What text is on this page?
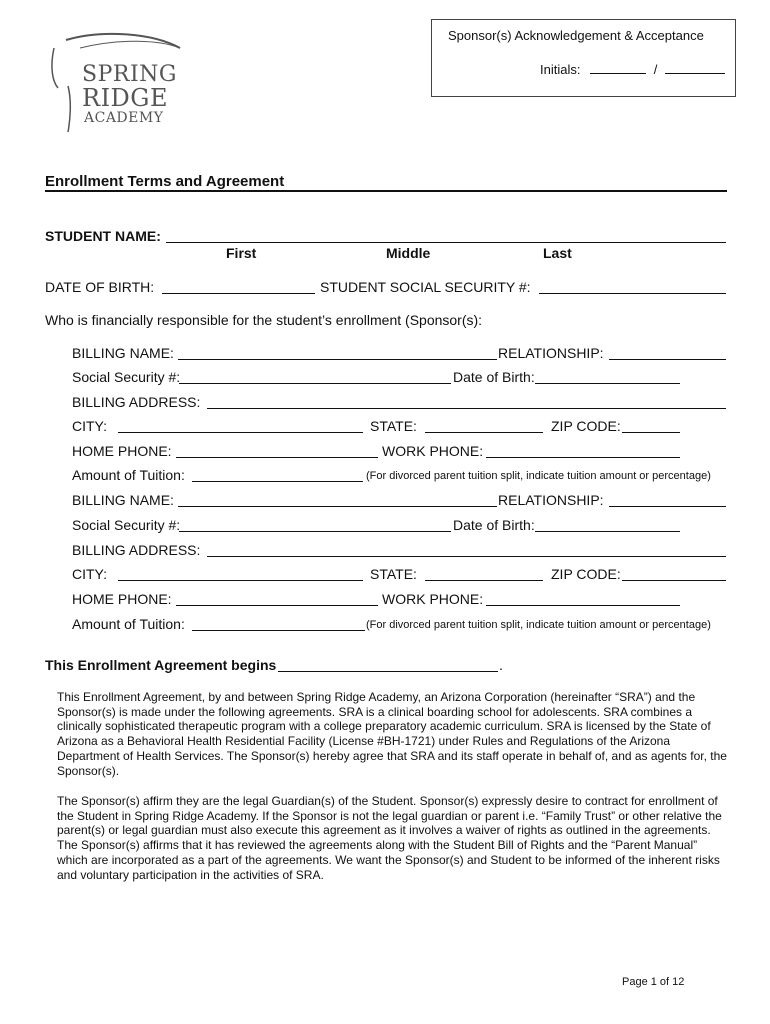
SPRING
RIDGE
ACADEMY
Sponsor(s) Acknowledgement & Acceptance
Initials:	/
Enrollment Terms and Agreement
STUDENT NAME:
First	Middle	Last
DATE OF BIRTH:	STUDENT SOCIAL SECURITY #:
Who is financially responsible for the student’s enrollment (Sponsor(s):
BILLING NAME:	RELATIONSHIP:
Social Security #:	Date of Birth:
BILLING ADDRESS:
CITY:	STATE:	ZIP CODE:
HOME PHONE:	WORK PHONE:
Amount of Tuition:	(For divorced parent tuition split, indicate tuition amount or percentage)
BILLING NAME:	RELATIONSHIP:
Social Security #:	Date of Birth:
BILLING ADDRESS:
CITY:	STATE:	ZIP CODE:
HOME PHONE:	WORK PHONE:
Amount of Tuition:	(For divorced parent tuition split, indicate tuition amount or percentage)
This Enrollment Agreement begins	.
This Enrollment Agreement, by and between Spring Ridge Academy, an Arizona Corporation (hereinafter “SRA”) and the Sponsor(s) is made under the following agreements. SRA is a clinical boarding school for adolescents. SRA combines a clinically sophisticated therapeutic program with a college preparatory academic curriculum. SRA is licensed by the State of Arizona as a Behavioral Health Residential Facility (License #BH-1721) under Rules and Regulations of the Arizona Department of Health Services. The Sponsor(s) hereby agree that SRA and its staff operate in behalf of, and as agents for, the Sponsor(s).
The Sponsor(s) affirm they are the legal Guardian(s) of the Student. Sponsor(s) expressly desire to contract for enrollment of the Student in Spring Ridge Academy. If the Sponsor is not the legal guardian or parent i.e. “Family Trust” or other relative the parent(s) or legal guardian must also execute this agreement as it involves a waiver of rights as outlined in the agreements. The Sponsor(s) affirms that it has reviewed the agreements along with the Student Bill of Rights and the “Parent Manual” which are incorporated as a part of the agreements. We want the Sponsor(s) and Student to be informed of the inherent risks and voluntary participation in the activities of SRA.
Page 1 of 12
